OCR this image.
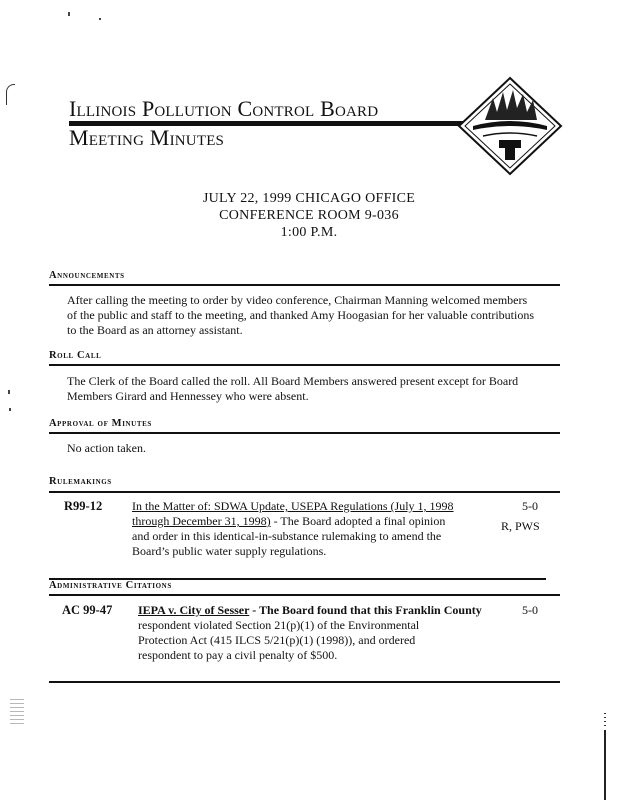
Illinois Pollution Control Board
Meeting Minutes
JULY 22, 1999 CHICAGO OFFICE
CONFERENCE ROOM 9-036
1:00 P.M.
Announcements
After calling the meeting to order by video conference, Chairman Manning welcomed members
of the public and staff to the meeting, and thanked Amy Hoogasian for her valuable contributions
to the Board as an attorney assistant.
Roll Call
The Clerk of the Board called the roll. All Board Members answered present except for Board
Members Girard and Hennessey who were absent.
Approval of Minutes
No action taken.
Rulemakings
R99-12 In the Matter of: SDWA Update, USEPA Regulations (July 1, 1998
through December 31, 1998) - The Board adopted a final opinion
and order in this identical-in-substance rulemaking to amend the
Board’s public water supply regulations.
5-0
R, PWS
Administrative Citations
AC 99-47 IEPA v. City of Sesser - The Board found that this Franklin County
respondent violated Section 21(p)(1) of the Environmental
Protection Act (415 ILCS 5/21(p)(1) (1998)), and ordered
respondent to pay a civil penalty of $500.
5-0
